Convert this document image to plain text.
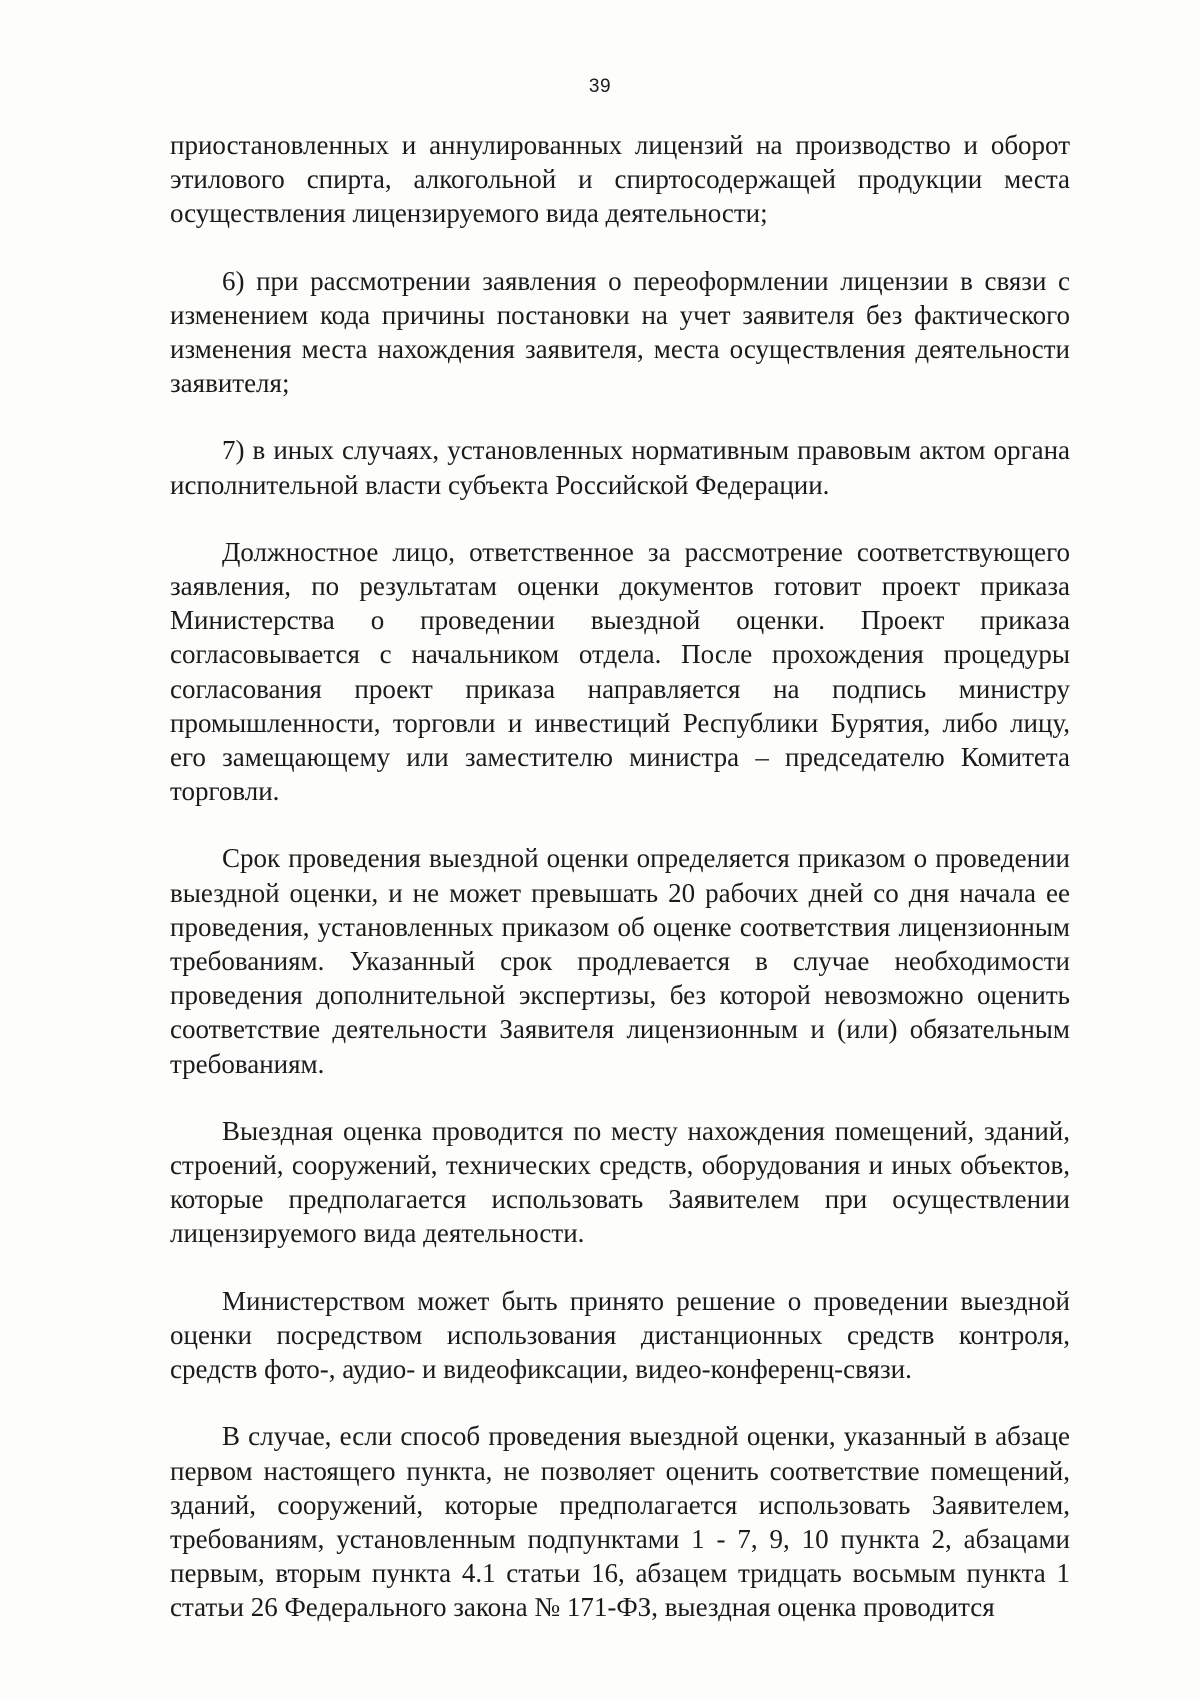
39

приостановленных и аннулированных лицензий на производство и оборот этилового спирта, алкогольной и спиртосодержащей продукции места осуществления лицензируемого вида деятельности;

6) при рассмотрении заявления о переоформлении лицензии в связи с изменением кода причины постановки на учет заявителя без фактического изменения места нахождения заявителя, места осуществления деятельности заявителя;

7) в иных случаях, установленных нормативным правовым актом органа исполнительной власти субъекта Российской Федерации.

Должностное лицо, ответственное за рассмотрение соответствующего заявления, по результатам оценки документов готовит проект приказа Министерства о проведении выездной оценки. Проект приказа согласовывается с начальником отдела. После прохождения процедуры согласования проект приказа направляется на подпись министру промышленности, торговли и инвестиций Республики Бурятия, либо лицу, его замещающему или заместителю министра – председателю Комитета торговли.

Срок проведения выездной оценки определяется приказом о проведении выездной оценки, и не может превышать 20 рабочих дней со дня начала ее проведения, установленных приказом об оценке соответствия лицензионным требованиям. Указанный срок продлевается в случае необходимости проведения дополнительной экспертизы, без которой невозможно оценить соответствие деятельности Заявителя лицензионным и (или) обязательным требованиям.

Выездная оценка проводится по месту нахождения помещений, зданий, строений, сооружений, технических средств, оборудования и иных объектов, которые предполагается использовать Заявителем при осуществлении лицензируемого вида деятельности.

Министерством может быть принято решение о проведении выездной оценки посредством использования дистанционных средств контроля, средств фото-, аудио- и видеофиксации, видео-конференц-связи.

В случае, если способ проведения выездной оценки, указанный в абзаце первом настоящего пункта, не позволяет оценить соответствие помещений, зданий, сооружений, которые предполагается использовать Заявителем, требованиям, установленным подпунктами 1 - 7, 9, 10 пункта 2, абзацами первым, вторым пункта 4.1 статьи 16, абзацем тридцать восьмым пункта 1 статьи 26 Федерального закона № 171-ФЗ, выездная оценка проводится
